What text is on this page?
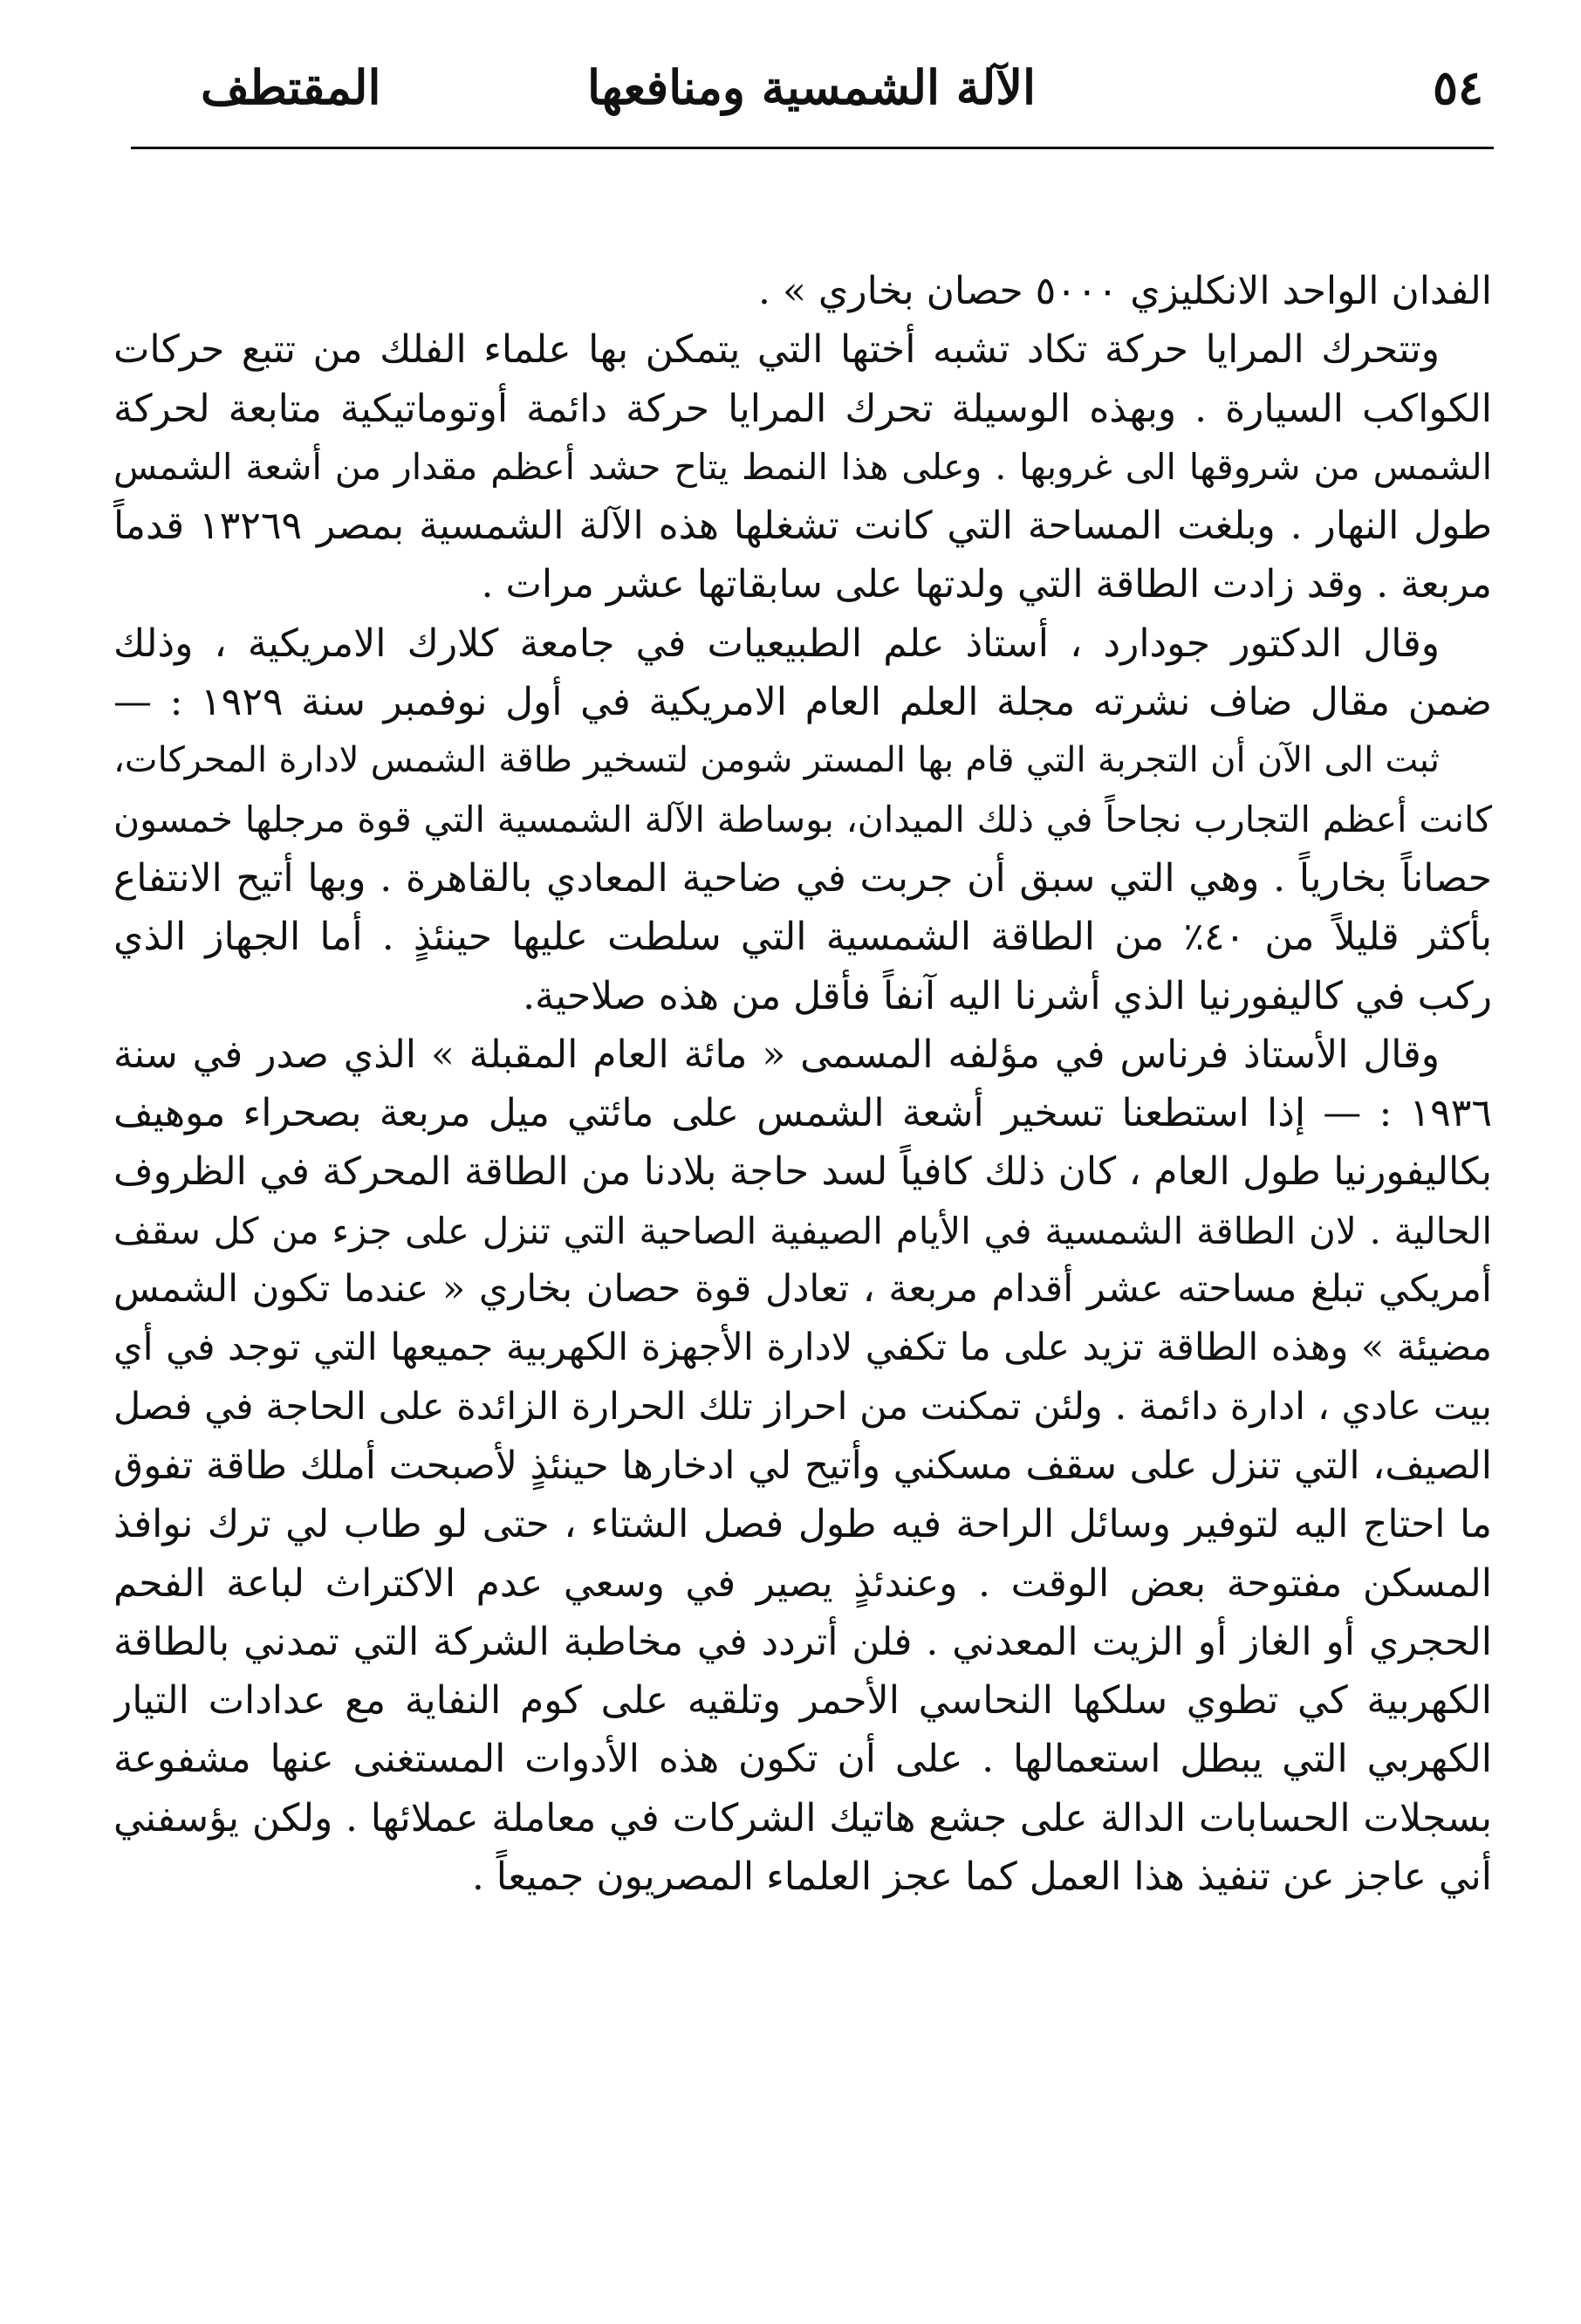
٥٤
الآلة الشمسية ومنافعها
المقتطف
الفدان الواحد الانكليزي ٥٠٠٠ حصان بخاري » .
وتتحرك المرايا حركة تكاد تشبه أختها التي يتمكن بها علماء الفلك من تتبع حركات
الكواكب السيارة . وبهذه الوسيلة تحرك المرايا حركة دائمة أوتوماتيكية متابعة لحركة
الشمس من شروقها الى غروبها . وعلى هذا النمط يتاح حشد أعظم مقدار من أشعة الشمس
طول النهار . وبلغت المساحة التي كانت تشغلها هذه الآلة الشمسية بمصر ١٣٢٦٩ قدماً
مربعة . وقد زادت الطاقة التي ولدتها على سابقاتها عشر مرات .
وقال الدكتور جودارد ، أستاذ علم الطبيعيات في جامعة كلارك الامريكية ، وذلك
ضمن مقال ضاف نشرته مجلة العلم العام الامريكية في أول نوفمبر سنة ١٩٢٩ : —
ثبت الى الآن أن التجربة التي قام بها المستر شومن لتسخير طاقة الشمس لادارة المحركات،
كانت أعظم التجارب نجاحاً في ذلك الميدان، بوساطة الآلة الشمسية التي قوة مرجلها خمسون
حصاناً بخارياً . وهي التي سبق أن جربت في ضاحية المعادي بالقاهرة . وبها أتيح الانتفاع
بأكثر قليلاً من ٤٠٪ من الطاقة الشمسية التي سلطت عليها حينئذٍ . أما الجهاز الذي
ركب في كاليفورنيا الذي أشرنا اليه آنفاً فأقل من هذه صلاحية.
وقال الأستاذ فرناس في مؤلفه المسمى « مائة العام المقبلة » الذي صدر في سنة
١٩٣٦ : — إذا استطعنا تسخير أشعة الشمس على مائتي ميل مربعة بصحراء موهيف
بكاليفورنيا طول العام ، كان ذلك كافياً لسد حاجة بلادنا من الطاقة المحركة في الظروف
الحالية . لان الطاقة الشمسية في الأيام الصيفية الصاحية التي تنزل على جزء من كل سقف
أمريكي تبلغ مساحته عشر أقدام مربعة ، تعادل قوة حصان بخاري « عندما تكون الشمس
مضيئة » وهذه الطاقة تزيد على ما تكفي لادارة الأجهزة الكهربية جميعها التي توجد في أي
بيت عادي ، ادارة دائمة . ولئن تمكنت من احراز تلك الحرارة الزائدة على الحاجة في فصل
الصيف، التي تنزل على سقف مسكني وأتيح لي ادخارها حينئذٍ لأصبحت أملك طاقة تفوق
ما احتاج اليه لتوفير وسائل الراحة فيه طول فصل الشتاء ، حتى لو طاب لي ترك نوافذ
المسكن مفتوحة بعض الوقت . وعندئذٍ يصير في وسعي عدم الاكتراث لباعة الفحم
الحجري أو الغاز أو الزيت المعدني . فلن أتردد في مخاطبة الشركة التي تمدني بالطاقة
الكهربية كي تطوي سلكها النحاسي الأحمر وتلقيه على كوم النفاية مع عدادات التيار
الكهربي التي يبطل استعمالها . على أن تكون هذه الأدوات المستغنى عنها مشفوعة
بسجلات الحسابات الدالة على جشع هاتيك الشركات في معاملة عملائها . ولكن يؤسفني
أني عاجز عن تنفيذ هذا العمل كما عجز العلماء المصريون جميعاً .
